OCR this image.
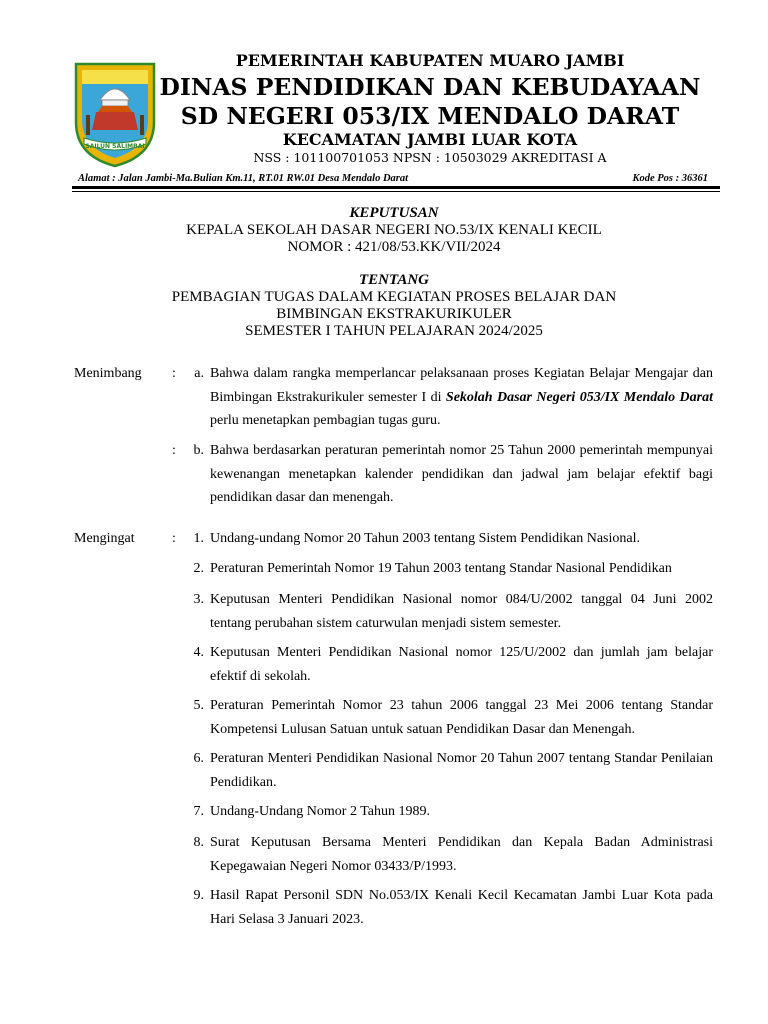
SAILUN SALIMBAI
PEMERINTAH KABUPATEN MUARO JAMBI
DINAS PENDIDIKAN DAN KEBUDAYAAN
SD NEGERI 053/IX MENDALO DARAT
KECAMATAN JAMBI LUAR KOTA
NSS : 101100701053 NPSN : 10503029 AKREDITASI A
Alamat : Jalan Jambi-Ma.Bulian Km.11, RT.01 RW.01 Desa Mendalo Darat	Kode Pos : 36361
KEPUTUSAN
KEPALA SEKOLAH DASAR NEGERI NO.53/IX KENALI KECIL
NOMOR : 421/08/53.KK/VII/2024
TENTANG
PEMBAGIAN TUGAS DALAM KEGIATAN PROSES BELAJAR DAN
BIMBINGAN EKSTRAKURIKULER
SEMESTER I TAHUN PELAJARAN 2024/2025
Menimbang :	a. Bahwa dalam rangka memperlancar pelaksanaan proses Kegiatan Belajar Mengajar dan Bimbingan Ekstrakurikuler semester I di Sekolah Dasar Negeri 053/IX Mendalo Darat perlu menetapkan pembagian tugas guru.
:	b. Bahwa berdasarkan peraturan pemerintah nomor 25 Tahun 2000 pemerintah mempunyai kewenangan menetapkan kalender pendidikan dan jadwal jam belajar efektif bagi pendidikan dasar dan menengah.
Mengingat	:	1. Undang-undang Nomor 20 Tahun 2003 tentang Sistem Pendidikan Nasional.
2. Peraturan Pemerintah Nomor 19 Tahun 2003 tentang Standar Nasional Pendidikan
3. Keputusan Menteri Pendidikan Nasional nomor 084/U/2002 tanggal 04 Juni 2002 tentang perubahan sistem caturwulan menjadi sistem semester.
4. Keputusan Menteri Pendidikan Nasional nomor 125/U/2002 dan jumlah jam belajar efektif di sekolah.
5. Peraturan Pemerintah Nomor 23 tahun 2006 tanggal 23 Mei 2006 tentang Standar Kompetensi Lulusan Satuan untuk satuan Pendidikan Dasar dan Menengah.
6. Peraturan Menteri Pendidikan Nasional Nomor 20 Tahun 2007 tentang Standar Penilaian Pendidikan.
7. Undang-Undang Nomor 2 Tahun 1989.
8. Surat Keputusan Bersama Menteri Pendidikan dan Kepala Badan Administrasi Kepegawaian Negeri Nomor 03433/P/1993.
9. Hasil Rapat Personil SDN No.053/IX Kenali Kecil Kecamatan Jambi Luar Kota pada Hari Selasa 3 Januari 2023.
